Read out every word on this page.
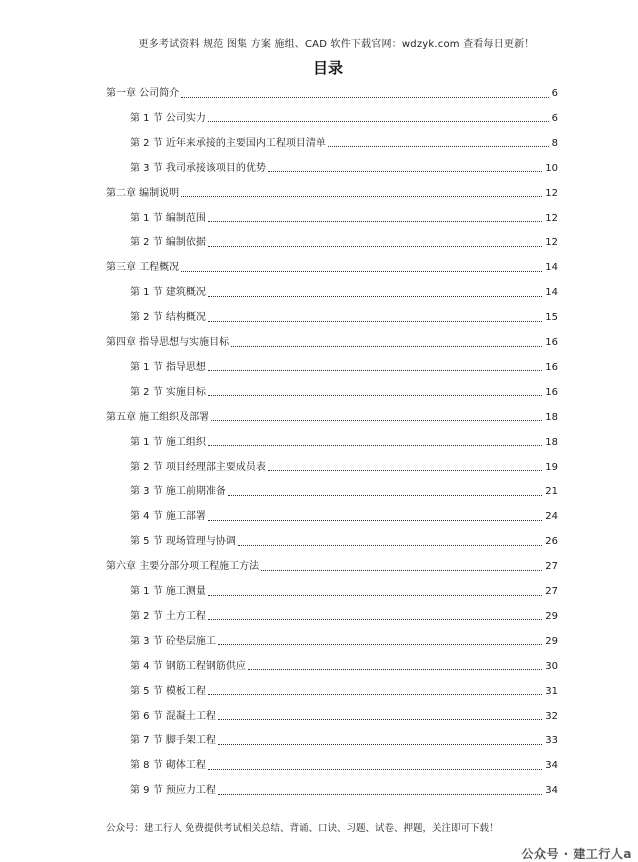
更多考试资料 规范 图集 方案 施组、CAD 软件下载官网：wdzyk.com 查看每日更新！
目录
第一章 公司简介	6
第 1 节 公司实力	6
第 2 节 近年来承接的主要国内工程项目清单	8
第 3 节 我司承接该项目的优势	10
第二章 编制说明	12
第 1 节 编制范围	12
第 2 节 编制依据	12
第三章 工程概况	14
第 1 节 建筑概况	14
第 2 节 结构概况	15
第四章 指导思想与实施目标	16
第 1 节 指导思想	16
第 2 节 实施目标	16
第五章 施工组织及部署	18
第 1 节 施工组织	18
第 2 节 项目经理部主要成员表	19
第 3 节 施工前期准备	21
第 4 节 施工部署	24
第 5 节 现场管理与协调	26
第六章 主要分部分项工程施工方法	27
第 1 节 施工测量	27
第 2 节 土方工程	29
第 3 节 砼垫层施工	29
第 4 节 钢筋工程钢筋供应	30
第 5 节 模板工程	31
第 6 节 混凝土工程	32
第 7 节 脚手架工程	33
第 8 节 砌体工程	34
第 9 节 预应力工程	34
公众号：建工行人 免费提供考试相关总结、背诵、口诀、习题、试卷、押题，关注即可下载！
公众号 · 建工行人a
